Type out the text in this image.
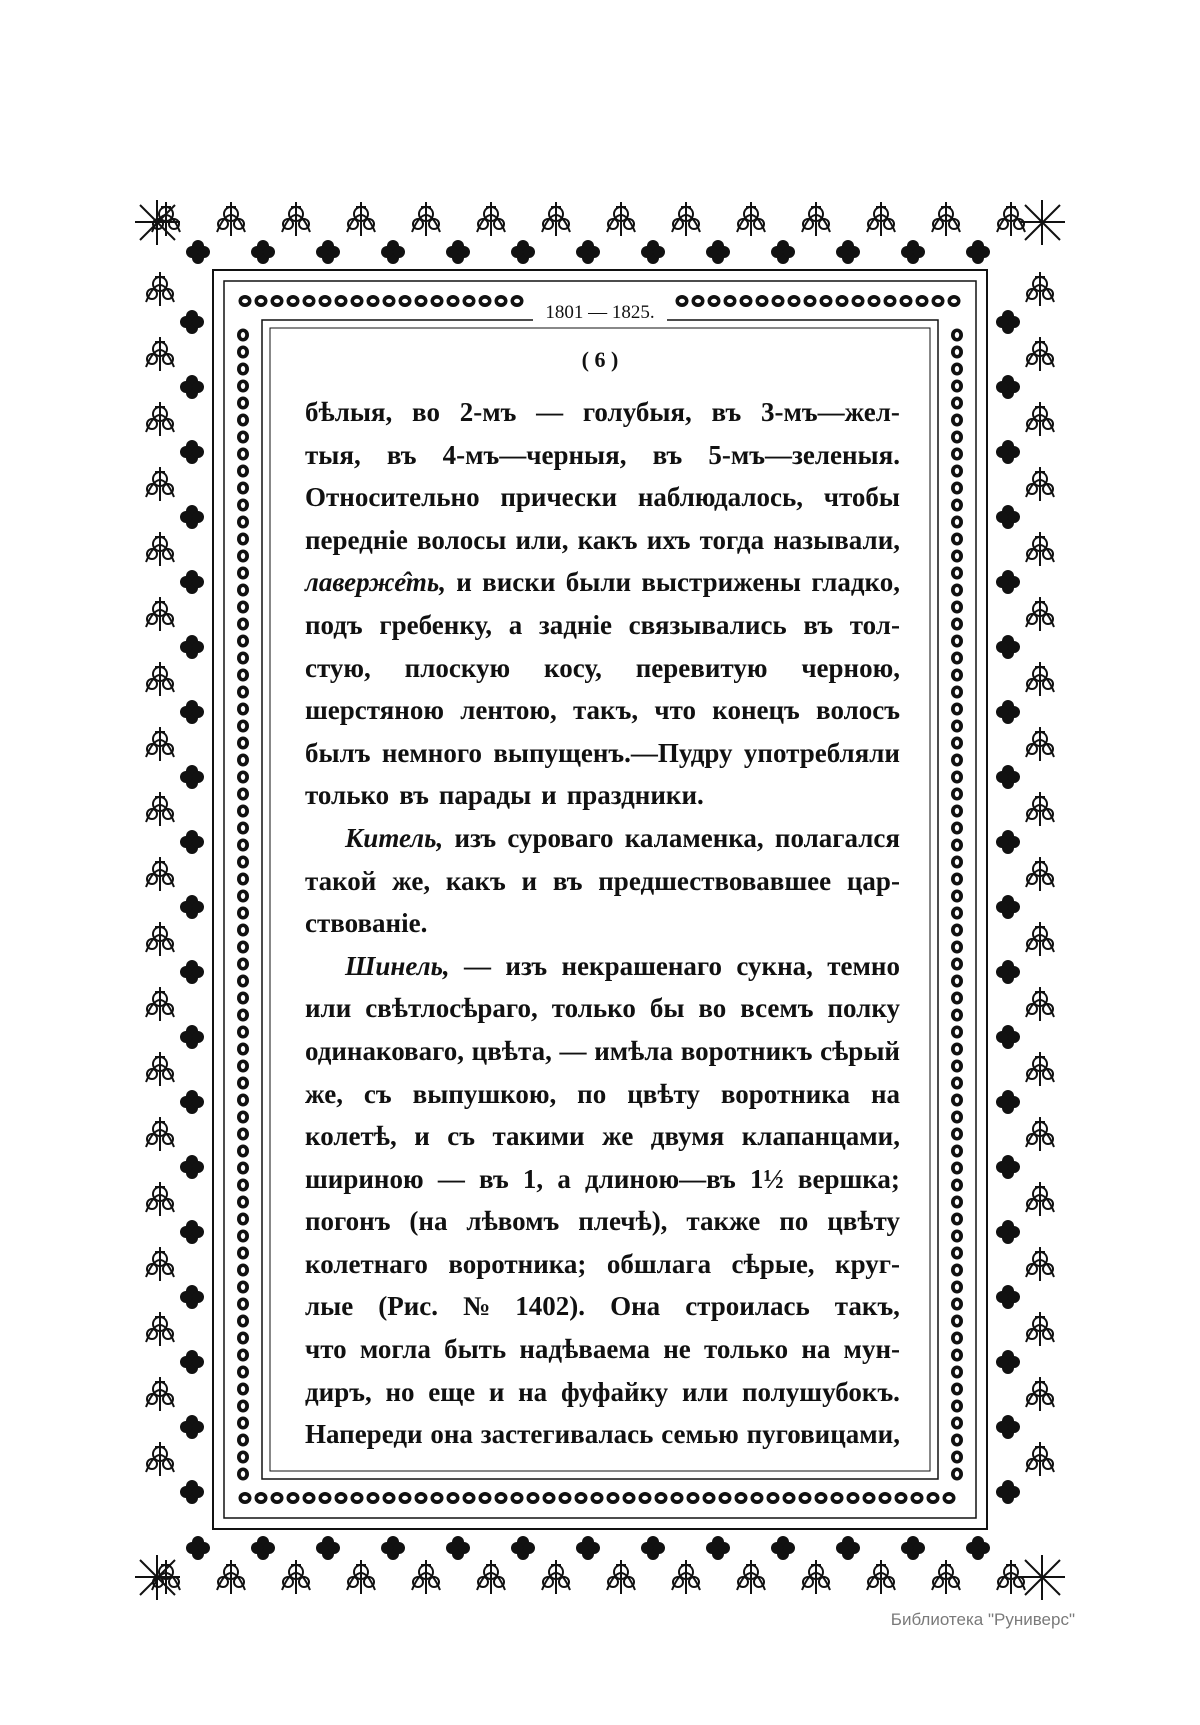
1801 — 1825.
( 6 )
бѣлыя, во 2-мъ — голубыя, въ 3-мъ—жел-
тыя, въ 4-мъ—черныя, въ 5-мъ—зеленыя.
Относительно прически наблюдалось, чтобы
переднiе волосы или, какъ ихъ тогда называли,
лаверже̂ть, и виски были выстрижены гладко,
подъ гребенку, а заднiе связывались въ тол-
стую, плоскую косу, перевитую черною,
шерстяною лентою, такъ, что конецъ волосъ
былъ немного выпущенъ.—Пудру употребляли
только въ парады и праздники.
Китель, изъ суроваго каламенка, полагался
такой же, какъ и въ предшествовавшее цар-
ствованiе.
Шинель, — изъ некрашенаго сукна, темно
или свѣтлосѣраго, только бы во всемъ полку
одинаковаго, цвѣта, — имѣла воротникъ сѣрый
же, съ выпушкою, по цвѣту воротника на
колетѣ, и съ такими же двумя клапанцами,
шириною — въ 1, а длиною—въ 1½ вершка;
погонъ (на лѣвомъ плечѣ), также по цвѣту
колетнаго воротника; обшлага сѣрые, круг-
лые (Рис. № 1402). Она строилась такъ,
что могла быть надѣваема не только на мун-
диръ, но еще и на фуфайку или полушубокъ.
Напереди она застегивалась семью пуговицами,
Библиотека "Руниверс"
